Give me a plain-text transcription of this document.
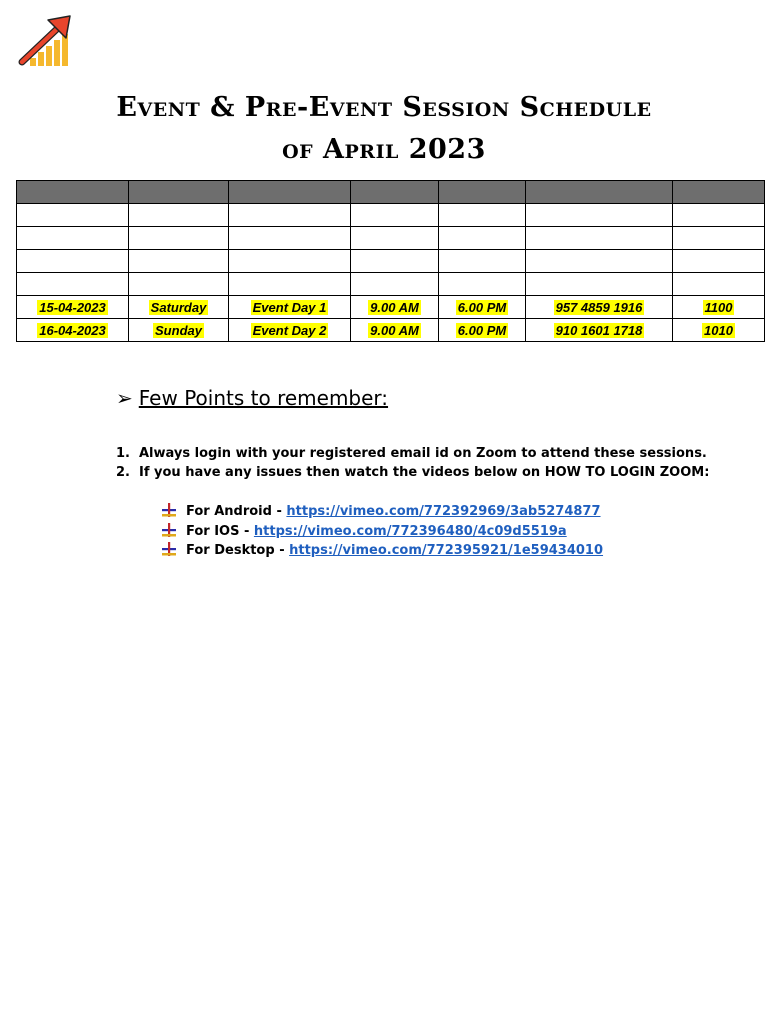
Event & Pre-Event Session Schedule
of April 2023

15-04-2023	Saturday	Event Day 1	9.00 AM	6.00 PM	957 4859 1916	1100
16-04-2023	Sunday	Event Day 2	9.00 AM	6.00 PM	910 1601 1718	1010
➢ Few Points to remember:
1. Always login with your registered email id on Zoom to attend these sessions.
2. If you have any issues then watch the videos below on HOW TO LOGIN ZOOM:
For Android - https://vimeo.com/772392969/3ab5274877
For IOS - https://vimeo.com/772396480/4c09d5519a
For Desktop - https://vimeo.com/772395921/1e59434010
